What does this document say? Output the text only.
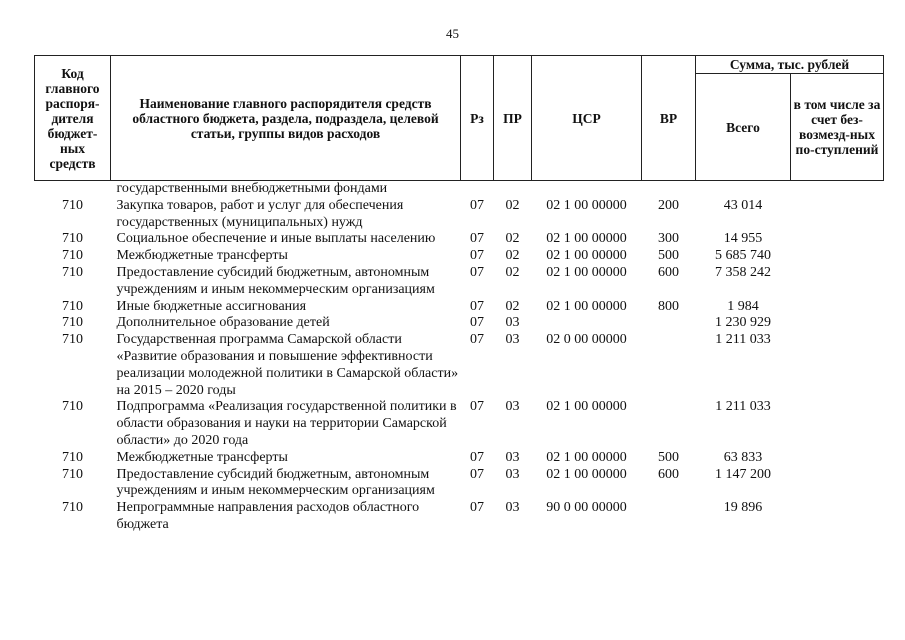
45
Код главного распоря-дителя бюджет-ных средств	Наименование главного распорядителя средств областного бюджета, раздела, подраздела, целевой статьи, группы видов расходов	Рз	ПР	ЦСР	ВР	Сумма, тыс. рублей	
						Всего	в том числе за счет без-возмезд-ных по-ступлений
	государственными внебюджетными фондами						
710	Закупка товаров, работ и услуг для обеспечения государственных (муниципальных) нужд	07	02	02 1 00 00000	200	43 014	
710	Социальное обеспечение и иные выплаты населению	07	02	02 1 00 00000	300	14 955	
710	Межбюджетные трансферты	07	02	02 1 00 00000	500	5 685 740	
710	Предоставление субсидий бюджетным, автономным учреждениям и иным некоммерческим организациям	07	02	02 1 00 00000	600	7 358 242	
710	Иные бюджетные ассигнования	07	02	02 1 00 00000	800	1 984	
710	Дополнительное образование детей	07	03			1 230 929	
710	Государственная программа Самарской области «Развитие образования и повышение эффективности реализации молодежной политики в Самарской области» на 2015 – 2020 годы	07	03	02 0 00 00000		1 211 033	
710	Подпрограмма «Реализация государственной политики в области образования и науки на территории Самарской области» до 2020 года	07	03	02 1 00 00000		1 211 033	
710	Межбюджетные трансферты	07	03	02 1 00 00000	500	63 833	
710	Предоставление субсидий бюджетным, автономным учреждениям и иным некоммерческим организациям	07	03	02 1 00 00000	600	1 147 200	
710	Непрограммные направления расходов областного бюджета	07	03	90 0 00 00000		19 896	
